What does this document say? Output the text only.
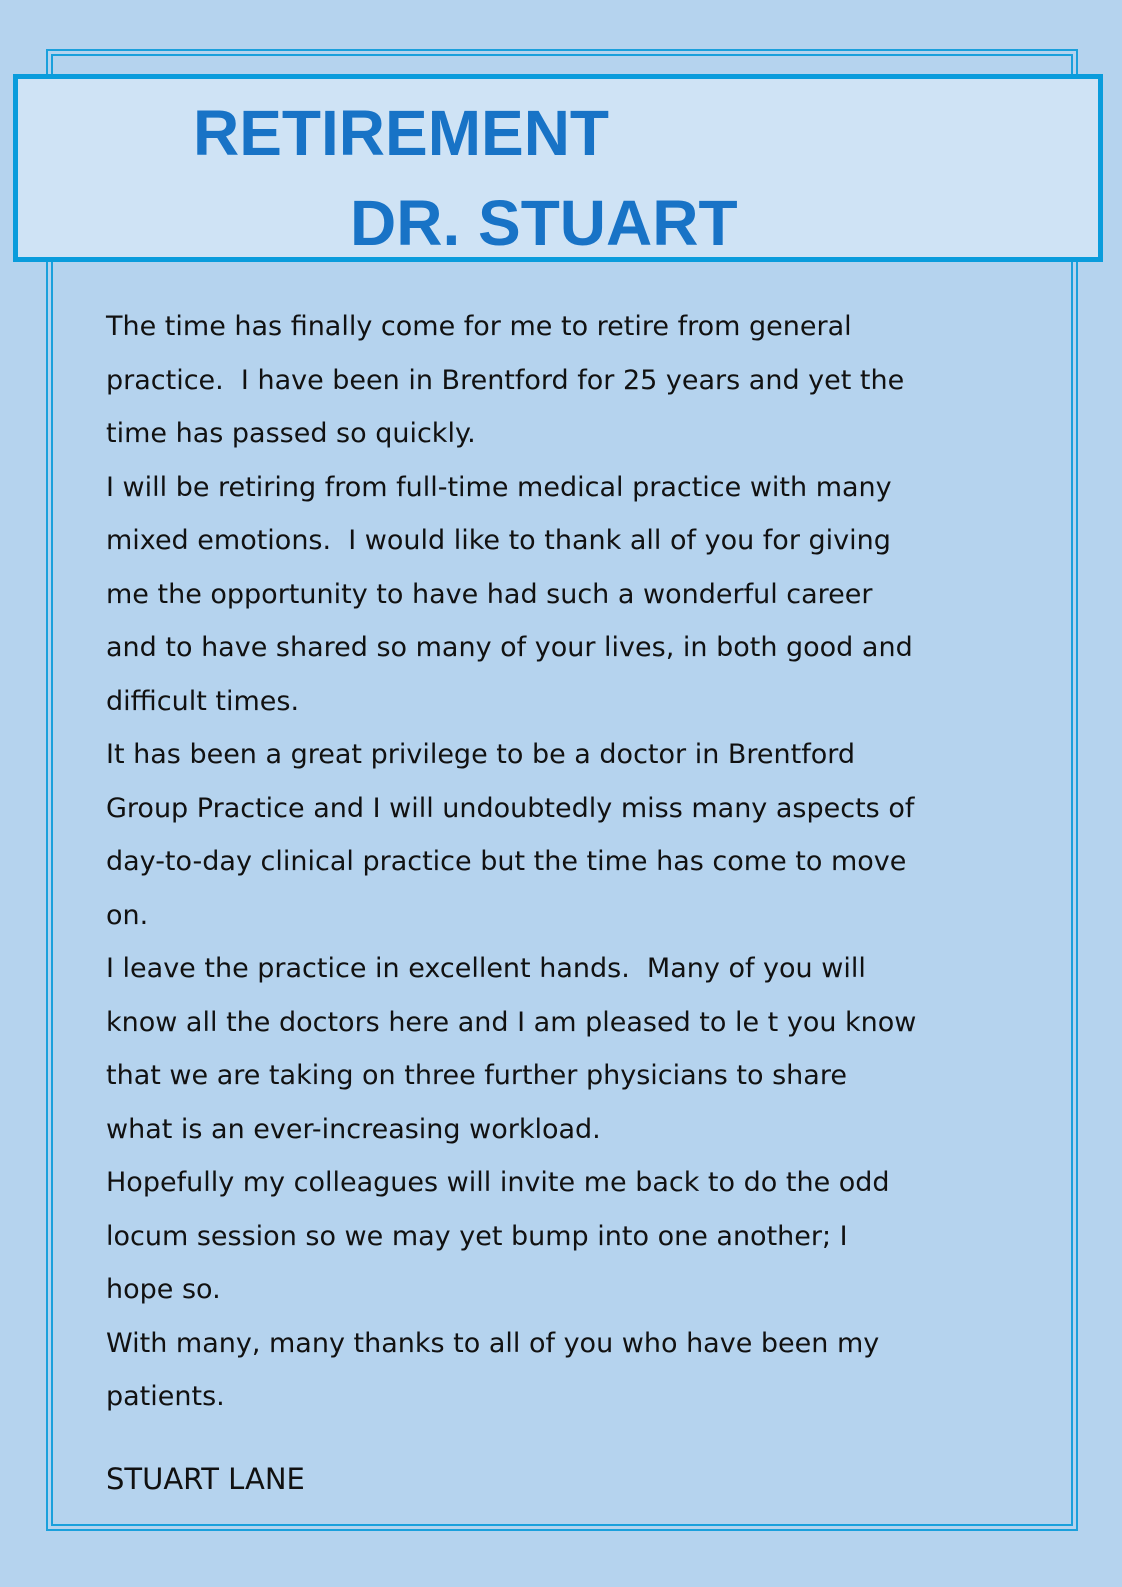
RETIREMENT
DR. STUART

The time has finally come for me to retire from general

practice.  I have been in Brentford for 25 years and yet the

time has passed so quickly.

I will be retiring from full-time medical practice with many

mixed emotions.  I would like to thank all of you for giving

me the opportunity to have had such a wonderful career

and to have shared so many of your lives, in both good and

difficult times.

It has been a great privilege to be a doctor in Brentford

Group Practice and I will undoubtedly miss many aspects of

day-to-day clinical practice but the time has come to move

on.

I leave the practice in excellent hands.  Many of you will

know all the doctors here and I am pleased to le t you know

that we are taking on three further physicians to share

what is an ever-increasing workload.

Hopefully my colleagues will invite me back to do the odd

locum session so we may yet bump into one another; I

hope so.

With many, many thanks to all of you who have been my

patients.

STUART LANE
